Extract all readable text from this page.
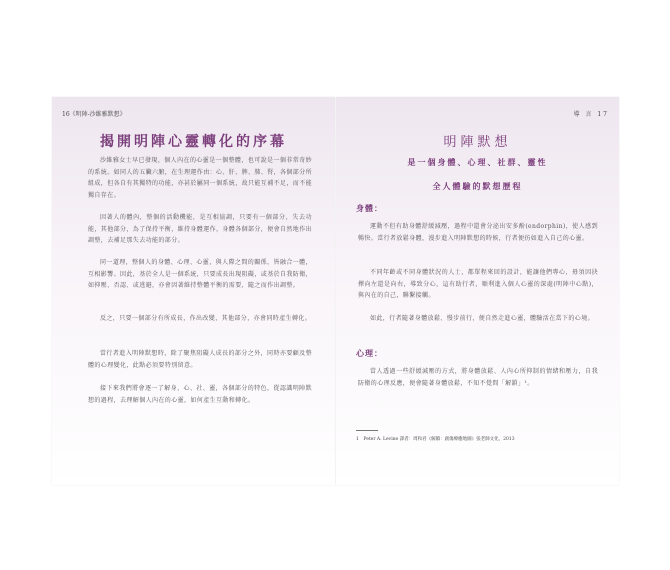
16《明陣-沙維雅默想》
揭開明陣心靈轉化的序幕

沙維雅女士早已發現，個人內在的心靈是一個整體，也可說是一個非常奇妙的系統。如同人的五臟六腑，在生理運作由：心、肝、脾、肺、腎，各個部分所組成，但各自有其獨特的功能，亦甚於屬同一個系統，故只能互補不足，而不能獨自存在。

因著人的體內，整個的活動機能，是互相協調，只要有一個部分，失去功能，其他部分，為了保持平衡，維持身體運作，身體各個部分，便會自然地作出調整，去補足那失去功能的部分。

同一道理，整個人的身體、心理、心靈，與人際之間的關係，皆融合一體，互相影響。因此，基於全人是一個系統，只要成長出現阻礙，或基於自我防衛，如抑壓、否認、或逃避，亦會因著維持整體平衡的需要，隨之而作出調整。

反之，只要一個部分有所成長，作出改變，其他部分，亦會同時產生轉化。

當行者進入明陣默想時，除了聚焦阻礙人成長的部分之外，同時亦要顧及整體的心理變化，此點必須要特別留意。

接下來我們將會逐一了解身、心、社、靈，各個部分的特色，從認識明陣默想的過程，去理解個人內在的心靈，如何產生互動和轉化。

導 言 17
明陣默想
是一個身體、心理、社群、靈性
全人體驗的默想歷程
身體：

運動不但有助身體舒緩減壓，過程中還會分泌出安多酚(endorphin)，使人感到暢快。當行者放鬆身體，漫步進入明陣默想的時候，行者便彷如進入自己的心靈。

不同年齡或不同身體狀況的人士，都單程來回的設計，能讓他們專心，毋須因抉擇向左還是向右，導致分心，這有助行者，順利進入個人心靈的深處(明陣中心點)，與內在的自己，聯繫接觸。

如此，行者隨著身體放鬆、慢步前行，便自然走進心靈，體驗活在當下的心境。

心理：

當人透過一些舒緩減壓的方式，將身體放鬆、人內心所抑制的情緒和壓力，自我防衛的心理反應，便會隨著身體放鬆，不知不覺間「解鎖」¹。

1　Peter A. Levine 譯者：周和君《解鎖：創傷療癒地圖》張老師文化，2013
